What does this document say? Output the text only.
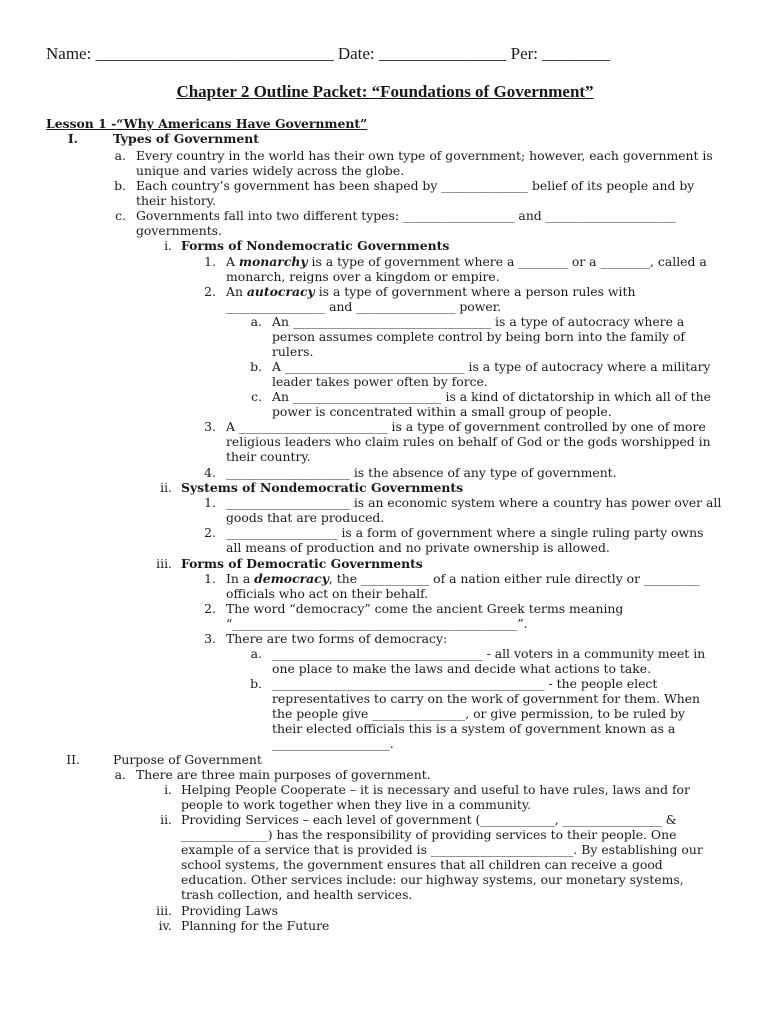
Name: ____________________________ Date: _______________ Per: ________
Chapter 2 Outline Packet: “Foundations of Government”
Lesson 1 -“Why Americans Have Government”
I.	Types of Government
a. Every country in the world has their own type of government; however, each government is
unique and varies widely across the globe.
b. Each country’s government has been shaped by ______________ belief of its people and by
their history.
c. Governments fall into two different types: __________________ and _____________________
governments.
i. Forms of Nondemocratic Governments
1. A monarchy is a type of government where a ________ or a ________, called a
monarch, reigns over a kingdom or empire.
2. An autocracy is a type of government where a person rules with
________________ and ________________ power.
a. An ________________________________ is a type of autocracy where a
person assumes complete control by being born into the family of
rulers.
b. A _____________________________ is a type of autocracy where a military
leader takes power often by force.
c. An ________________________ is a kind of dictatorship in which all of the
power is concentrated within a small group of people.
3. A ________________________ is a type of government controlled by one of more
religious leaders who claim rules on behalf of God or the gods worshipped in
their country.
4. ____________________ is the absence of any type of government.
ii. Systems of Nondemocratic Governments
1. ____________________ is an economic system where a country has power over all
goods that are produced.
2. __________________ is a form of government where a single ruling party owns
all means of production and no private ownership is allowed.
iii. Forms of Democratic Governments
1. In a democracy, the ___________ of a nation either rule directly or _________
officials who act on their behalf.
2. The word “democracy” come the ancient Greek terms meaning
“______________________________________________”.
3. There are two forms of democracy:
a. __________________________________ - all voters in a community meet in
one place to make the laws and decide what actions to take.
b. ____________________________________________ - the people elect
representatives to carry on the work of government for them. When
the people give _______________, or give permission, to be ruled by
their elected officials this is a system of government known as a
___________________.
II.	Purpose of Government
a. There are three main purposes of government.
i. Helping People Cooperate – it is necessary and useful to have rules, laws and for
people to work together when they live in a community.
ii. Providing Services – each level of government (____________, ________________ &
______________) has the responsibility of providing services to their people. One
example of a service that is provided is _______________________. By establishing our
school systems, the government ensures that all children can receive a good
education. Other services include: our highway systems, our monetary systems,
trash collection, and health services.
iii. Providing Laws
iv. Planning for the Future
